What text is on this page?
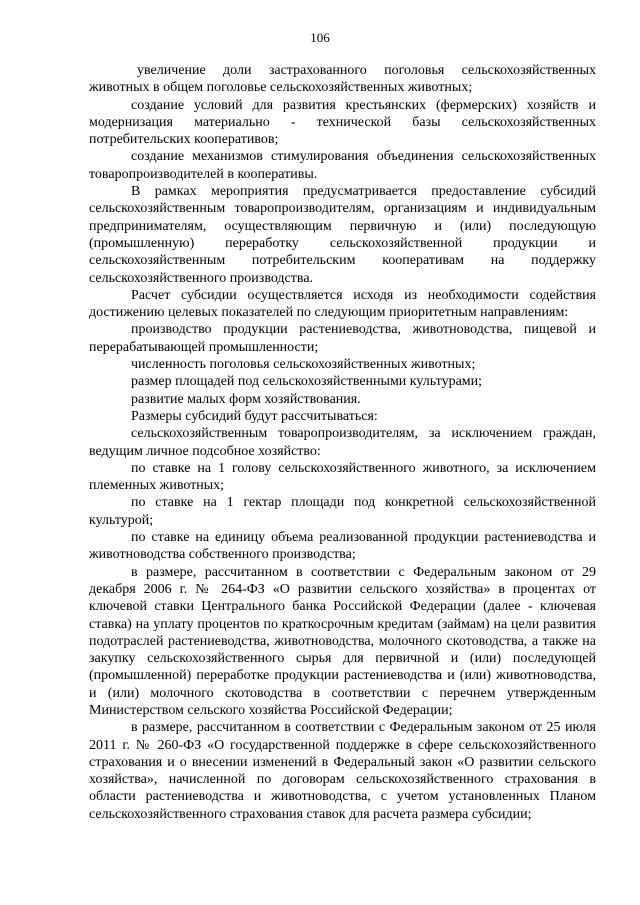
106

увеличение доли застрахованного поголовья сельскохозяйственных животных в общем поголовье сельскохозяйственных животных;

создание условий для развития крестьянских (фермерских) хозяйств и модернизация материально - технической базы сельскохозяйственных потребительских кооперативов;

создание механизмов стимулирования объединения сельскохозяйственных товаропроизводителей в кооперативы.

В рамках мероприятия предусматривается предоставление субсидий сельскохозяйственным товаропроизводителям, организациям и индивидуальным предпринимателям, осуществляющим первичную и (или) последующую (промышленную) переработку сельскохозяйственной продукции и сельскохозяйственным потребительским кооперативам на поддержку сельскохозяйственного производства.

Расчет субсидии осуществляется исходя из необходимости содействия достижению целевых показателей по следующим приоритетным направлениям:

производство продукции растениеводства, животноводства, пищевой и перерабатывающей промышленности;

численность поголовья сельскохозяйственных животных;

размер площадей под сельскохозяйственными культурами;

развитие малых форм хозяйствования.

Размеры субсидий будут рассчитываться:

сельскохозяйственным товаропроизводителям, за исключением граждан, ведущим личное подсобное хозяйство:

по ставке на 1 голову сельскохозяйственного животного, за исключением племенных животных;

по ставке на 1 гектар площади под конкретной сельскохозяйственной культурой;

по ставке на единицу объема реализованной продукции растениеводства и животноводства собственного производства;

в размере, рассчитанном в соответствии с Федеральным законом от 29 декабря 2006 г. № 264-ФЗ «О развитии сельского хозяйства» в процентах от ключевой ставки Центрального банка Российской Федерации (далее - ключевая ставка) на уплату процентов по краткосрочным кредитам (займам) на цели развития подотраслей растениеводства, животноводства, молочного скотоводства, а также на закупку сельскохозяйственного сырья для первичной и (или) последующей (промышленной) переработке продукции растениеводства и (или) животноводства, и (или) молочного скотоводства в соответствии с перечнем утвержденным Министерством сельского хозяйства Российской Федерации;

в размере, рассчитанном в соответствии с Федеральным законом от 25 июля 2011 г. № 260-ФЗ «О государственной поддержке в сфере сельскохозяйственного страхования и о внесении изменений в Федеральный закон «О развитии сельского хозяйства», начисленной по договорам сельскохозяйственного страхования в области растениеводства и животноводства, с учетом установленных Планом сельскохозяйственного страхования ставок для расчета размера субсидии;
